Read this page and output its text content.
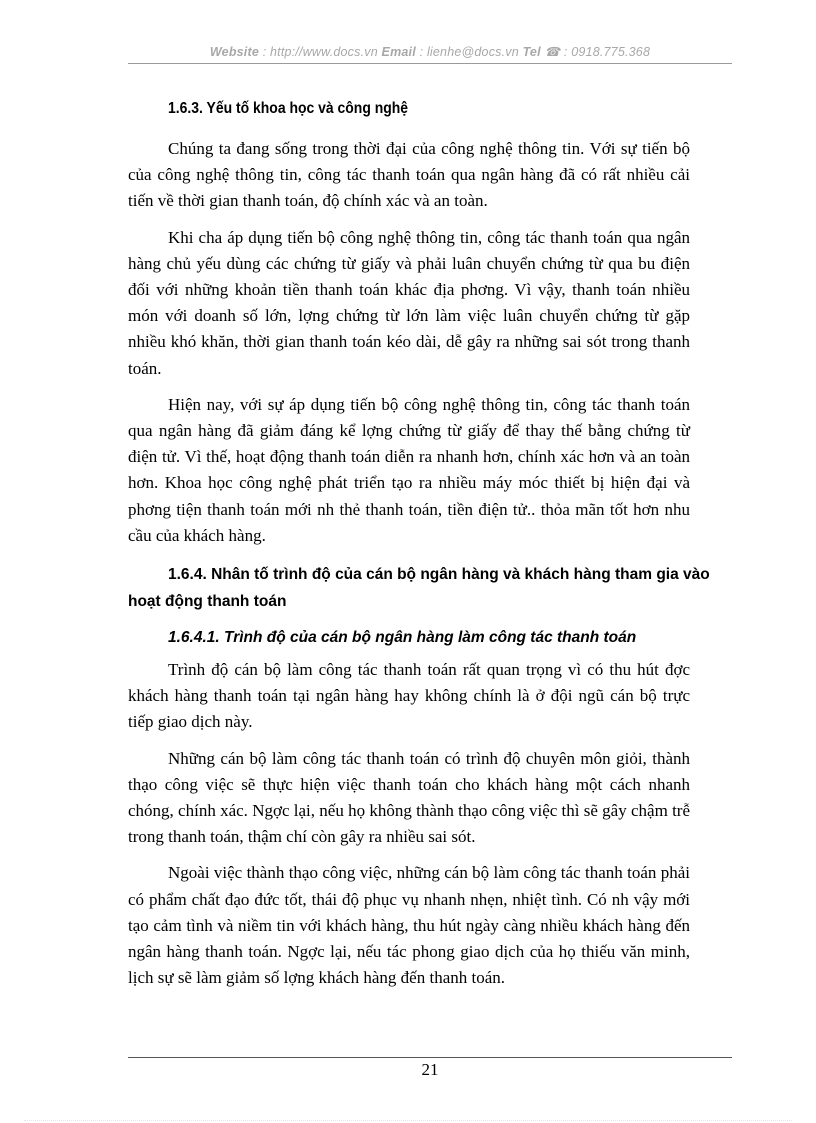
Website : http://www.docs.vn Email : lienhe@docs.vn Tel ☎ : 0918.775.368
1.6.3. Yếu tố khoa học và công nghệ

Chúng ta đang sống trong thời đại của công nghệ thông tin. Với sự tiến bộ của công nghệ thông tin, công tác thanh toán qua ngân hàng đã có rất nhiều cải tiến về thời gian thanh toán, độ chính xác và an toàn.

Khi cha áp dụng tiến bộ công nghệ thông tin, công tác thanh toán qua ngân hàng chủ yếu dùng các chứng từ giấy và phải luân chuyển chứng từ qua bu điện đối với những khoản tiền thanh toán khác địa phơng. Vì vậy, thanh toán nhiều món với doanh số lớn, lợng chứng từ lớn làm việc luân chuyển chứng từ gặp nhiều khó khăn, thời gian thanh toán kéo dài, dễ gây ra những sai sót trong thanh toán.

Hiện nay, với sự áp dụng tiến bộ công nghệ thông tin, công tác thanh toán qua ngân hàng đã giảm đáng kể lợng chứng từ giấy để thay thế bằng chứng từ điện tử. Vì thế, hoạt động thanh toán diễn ra nhanh hơn, chính xác hơn và an toàn hơn. Khoa học công nghệ phát triển tạo ra nhiều máy móc thiết bị hiện đại và phơng tiện thanh toán mới nh thẻ thanh toán, tiền điện tử.. thỏa mãn tốt hơn nhu cầu của khách hàng.

1.6.4. Nhân tố trình độ của cán bộ ngân hàng và khách hàng tham gia vào hoạt động thanh toán
1.6.4.1. Trình độ của cán bộ ngân hàng làm công tác thanh toán

Trình độ cán bộ làm công tác thanh toán rất quan trọng vì có thu hút đợc khách hàng thanh toán tại ngân hàng hay không chính là ở đội ngũ cán bộ trực tiếp giao dịch này.

Những cán bộ làm công tác thanh toán có trình độ chuyên môn giỏi, thành thạo công việc sẽ thực hiện việc thanh toán cho khách hàng một cách nhanh chóng, chính xác. Ngợc lại, nếu họ không thành thạo công việc thì sẽ gây chậm trễ trong thanh toán, thậm chí còn gây ra nhiều sai sót.

Ngoài việc thành thạo công việc, những cán bộ làm công tác thanh toán phải có phẩm chất đạo đức tốt, thái độ phục vụ nhanh nhẹn, nhiệt tình. Có nh vậy mới tạo cảm tình và niềm tin với khách hàng, thu hút ngày càng nhiều khách hàng đến ngân hàng thanh toán. Ngợc lại, nếu tác phong giao dịch của họ thiếu văn minh, lịch sự sẽ làm giảm số lợng khách hàng đến thanh toán.

21
